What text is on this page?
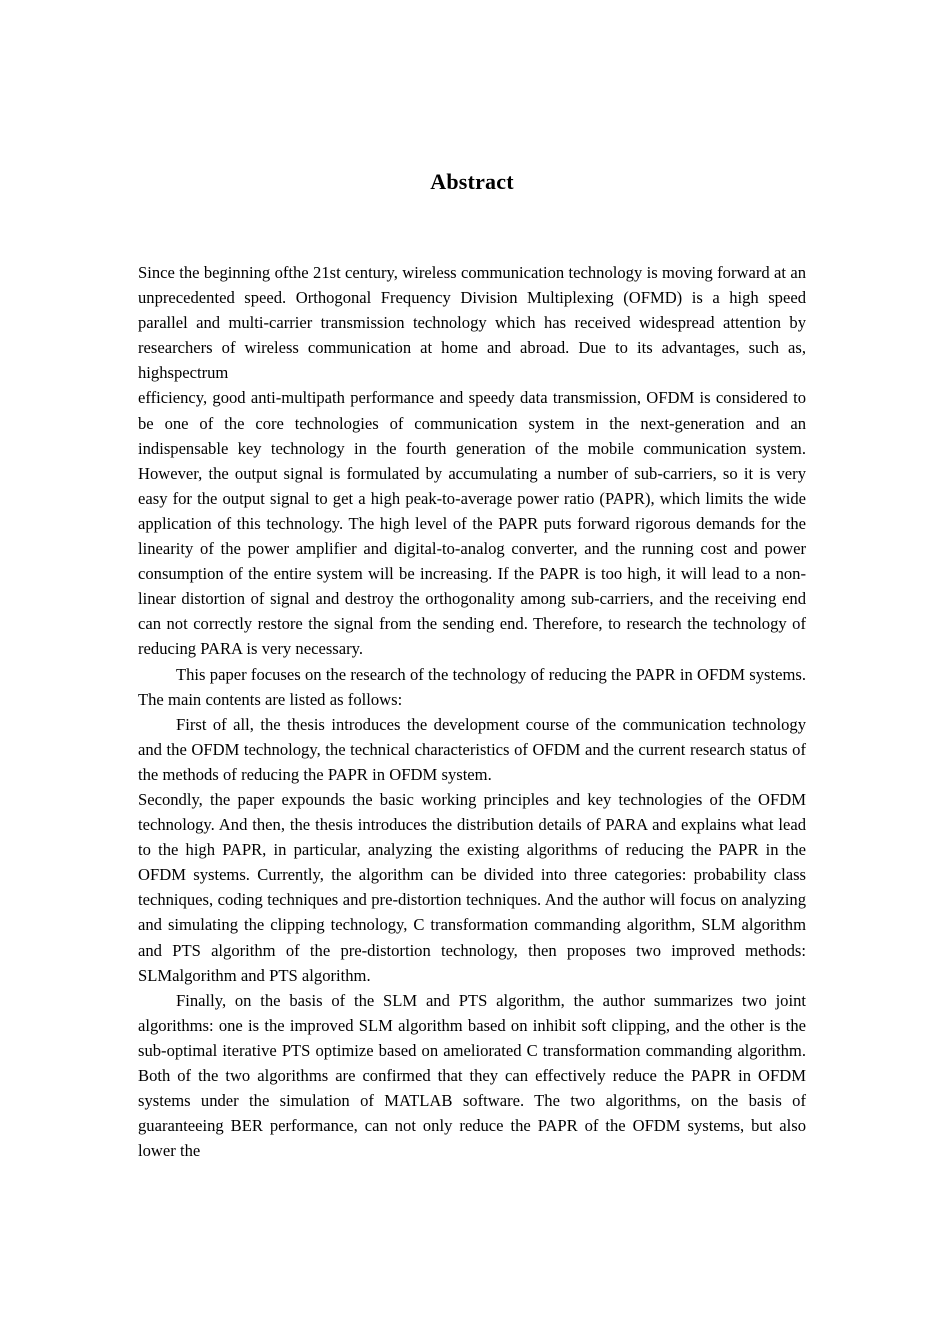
Abstract

Since the beginning ofthe 21st century, wireless communication technology is moving forward at an unprecedented speed. Orthogonal Frequency Division Multiplexing (OFMD) is a high speed parallel and multi-carrier transmission technology which has received widespread attention by researchers of wireless communication at home and abroad. Due to its advantages, such as, highspectrum

efficiency, good anti-multipath performance and speedy data transmission, OFDM is considered to be one of the core technologies of communication system in the next-generation and an indispensable key technology in the fourth generation of the mobile communication system. However, the output signal is formulated by accumulating a number of sub-carriers, so it is very easy for the output signal to get a high peak-to-average power ratio (PAPR), which limits the wide application of this technology. The high level of the PAPR puts forward rigorous demands for the linearity of the power amplifier and digital-to-analog converter, and the running cost and power consumption of the entire system will be increasing. If the PAPR is too high, it will lead to a non-linear distortion of signal and destroy the orthogonality among sub-carriers, and the receiving end can not correctly restore the signal from the sending end. Therefore, to research the technology of reducing PARA is very necessary.

This paper focuses on the research of the technology of reducing the PAPR in OFDM systems. The main contents are listed as follows:

First of all, the thesis introduces the development course of the communication technology and the OFDM technology, the technical characteristics of OFDM and the current research status of the methods of reducing the PAPR in OFDM system.

Secondly, the paper expounds the basic working principles and key technologies of the OFDM technology. And then, the thesis introduces the distribution details of PARA and explains what lead to the high PAPR, in particular, analyzing the existing algorithms of reducing the PAPR in the OFDM systems. Currently, the algorithm can be divided into three categories: probability class techniques, coding techniques and pre-distortion techniques. And the author will focus on analyzing and simulating the clipping technology, C transformation commanding algorithm, SLM algorithm and PTS algorithm of the pre-distortion technology, then proposes two improved methods: SLMalgorithm and PTS algorithm.

Finally, on the basis of the SLM and PTS algorithm, the author summarizes two joint algorithms: one is the improved SLM algorithm based on inhibit soft clipping, and the other is the sub-optimal iterative PTS optimize based on ameliorated C transformation commanding algorithm. Both of the two algorithms are confirmed that they can effectively reduce the PAPR in OFDM systems under the simulation of MATLAB software. The two algorithms, on the basis of guaranteeing BER performance, can not only reduce the PAPR of the OFDM systems, but also lower the
